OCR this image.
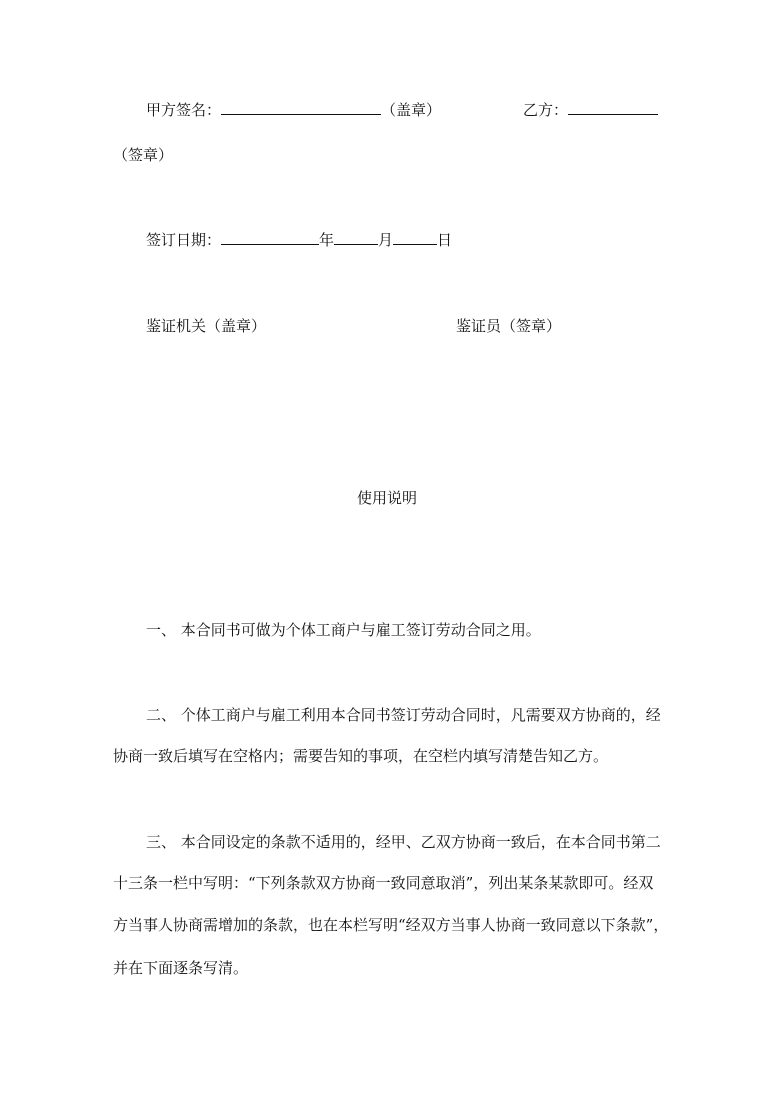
甲方签名：	（盖章）	乙方：
（签章）
签订日期：	年	月	日
鉴证机关（盖章）	鉴证员（签章）
使用说明
一、 本合同书可做为个体工商户与雇工签订劳动合同之用。
二、 个体工商户与雇工利用本合同书签订劳动合同时，凡需要双方协商的，经
协商一致后填写在空格内；需要告知的事项，在空栏内填写清楚告知乙方。
三、 本合同设定的条款不适用的，经甲、乙双方协商一致后，在本合同书第二
十三条一栏中写明：“下列条款双方协商一致同意取消”，列出某条某款即可。经双
方当事人协商需增加的条款，也在本栏写明“经双方当事人协商一致同意以下条款”，
并在下面逐条写清。
